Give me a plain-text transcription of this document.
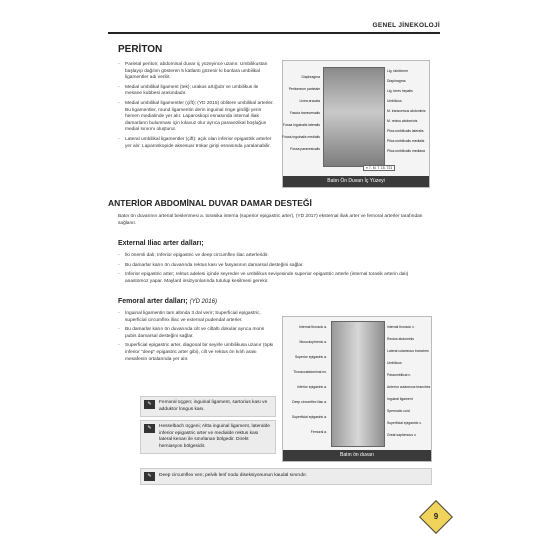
GENEL JİNEKOLOJİ
PERİTON
- Parietal periton; abdominal duvar iç yüzeyince uzanır. Umbilikustan başlayıp dağılım gösteren 5 katlantı gözenir ki bunlara umbilikal ligamentler adı verilir.
- Medial umbilikal ligament (tek); urakus artığıdır ve umbilikus ile mesane kubbesi arasındadır.
- Medial umbilikal ligamentler (çift); (YD 2015) obliterе umbilikal arterler. Bu ligamentler, round ligamentin derin inguinal ringe girdiği yerin hemen medialinde yer alır. Laparoskopi esnasında internal iliak damarların bulunması için kılavuz olur ayrıca paravezikal boşluğun medial sınırını oluşturur.
- Lateral umbilikal ligamentler (çift): açık olan inferior epigastrik arterler yer alır. Laparoskopide aksesuar trokar girişi esnasında yaralanabilir.
Diaphragma
Peritoneum parietale
Linea arcuata
Fascia transversalis
Fossa inguinalis lateralis
Fossa inguinalis medialis
Fossa paravesicalis
Lig. falciforme
Diaphragma
Lig. teres hepatis
Umbilicus
M. transversus abdominis
M. rectus abdominis
Plica umbilicalis lateralis
Plica umbilicalis medialis
Plica umbilicalis mediana
≡ 7. M. T. 15. 721
Batın Ön Duvarı İç Yüzeyi
ANTERİOR ABDOMİNAL DUVAR DAMAR DESTEĞİ
Batın ön duvarının arterial beslenmesi a. torasika interna (superior epigastric arter), (YD 2017) eksternal iliak arter ve femoral arterler tarafından sağlanır.
External Iliac arter dalları;
- İki önemli dalı; Inferior epigastric ve deep circumflex iliac arterleridir.
- Bu damarlar karın ön duvarında rektus kası ve fasyasının damarsal desteğini sağlar.
- Inferior epigastric arter; rektus adelesi içinde seyreder ve umbilikus seviyesinde superior epigastric arterle (internal torasik arterin dalı) anastomoz yapar. Maylard insizyonlarında tutulup kesilmesi gerekir.
Femoral arter dalları; (YD 2016)
- İnguinal ligamentin tam altında 3 dal verir; Superficial epigastric, superficial circumflex iliac ve external pudendal arterler.
- Bu damarlar karın ön duvarında cilt ve ciltaltı dokular ayrıca mons pubis damarsal desteğini sağlar.
- Superficial epigastric arter, diagonal bir seyirle umbilikusa uzanır (tıpkı inferior "deep" epigastric arter gibi), cilt ve rektus ön kılıfı arası mesafenin ortalarında yer alır.
✎	Femoral üçgen; inguinal ligament, sartorius kası ve adduktor longus kası.
✎	Hesselbach üçgeni; Altta inguinal ligament, lateralde inferior epigastric arter ve medialde rektus kası lateral kenarı ile sınırlanan bölgedir. Direkt herniasyon bölgesidir.
Internal thoracic a.
Musculophrenic a.
Superior epigastric a.
Thoracoabdominal nn.
Inferior epigastric a.
Deep circumflex iliac a.
Superficial epigastric a.
Femoral a.
Internal thoracic v.
Rectus abdominis
Lateral cutaneous branches
Umbilicus
Paraumbilical v.
Anterior cutaneous branches
Inguinal ligament
Spermatic cord
Superficial epigastric v.
Great saphenous v.
Batın ön duvarı
✎	Deep circumflex ven; pelvik lenf nodu diseksiyonunun kaudal sınırıdır.
9
